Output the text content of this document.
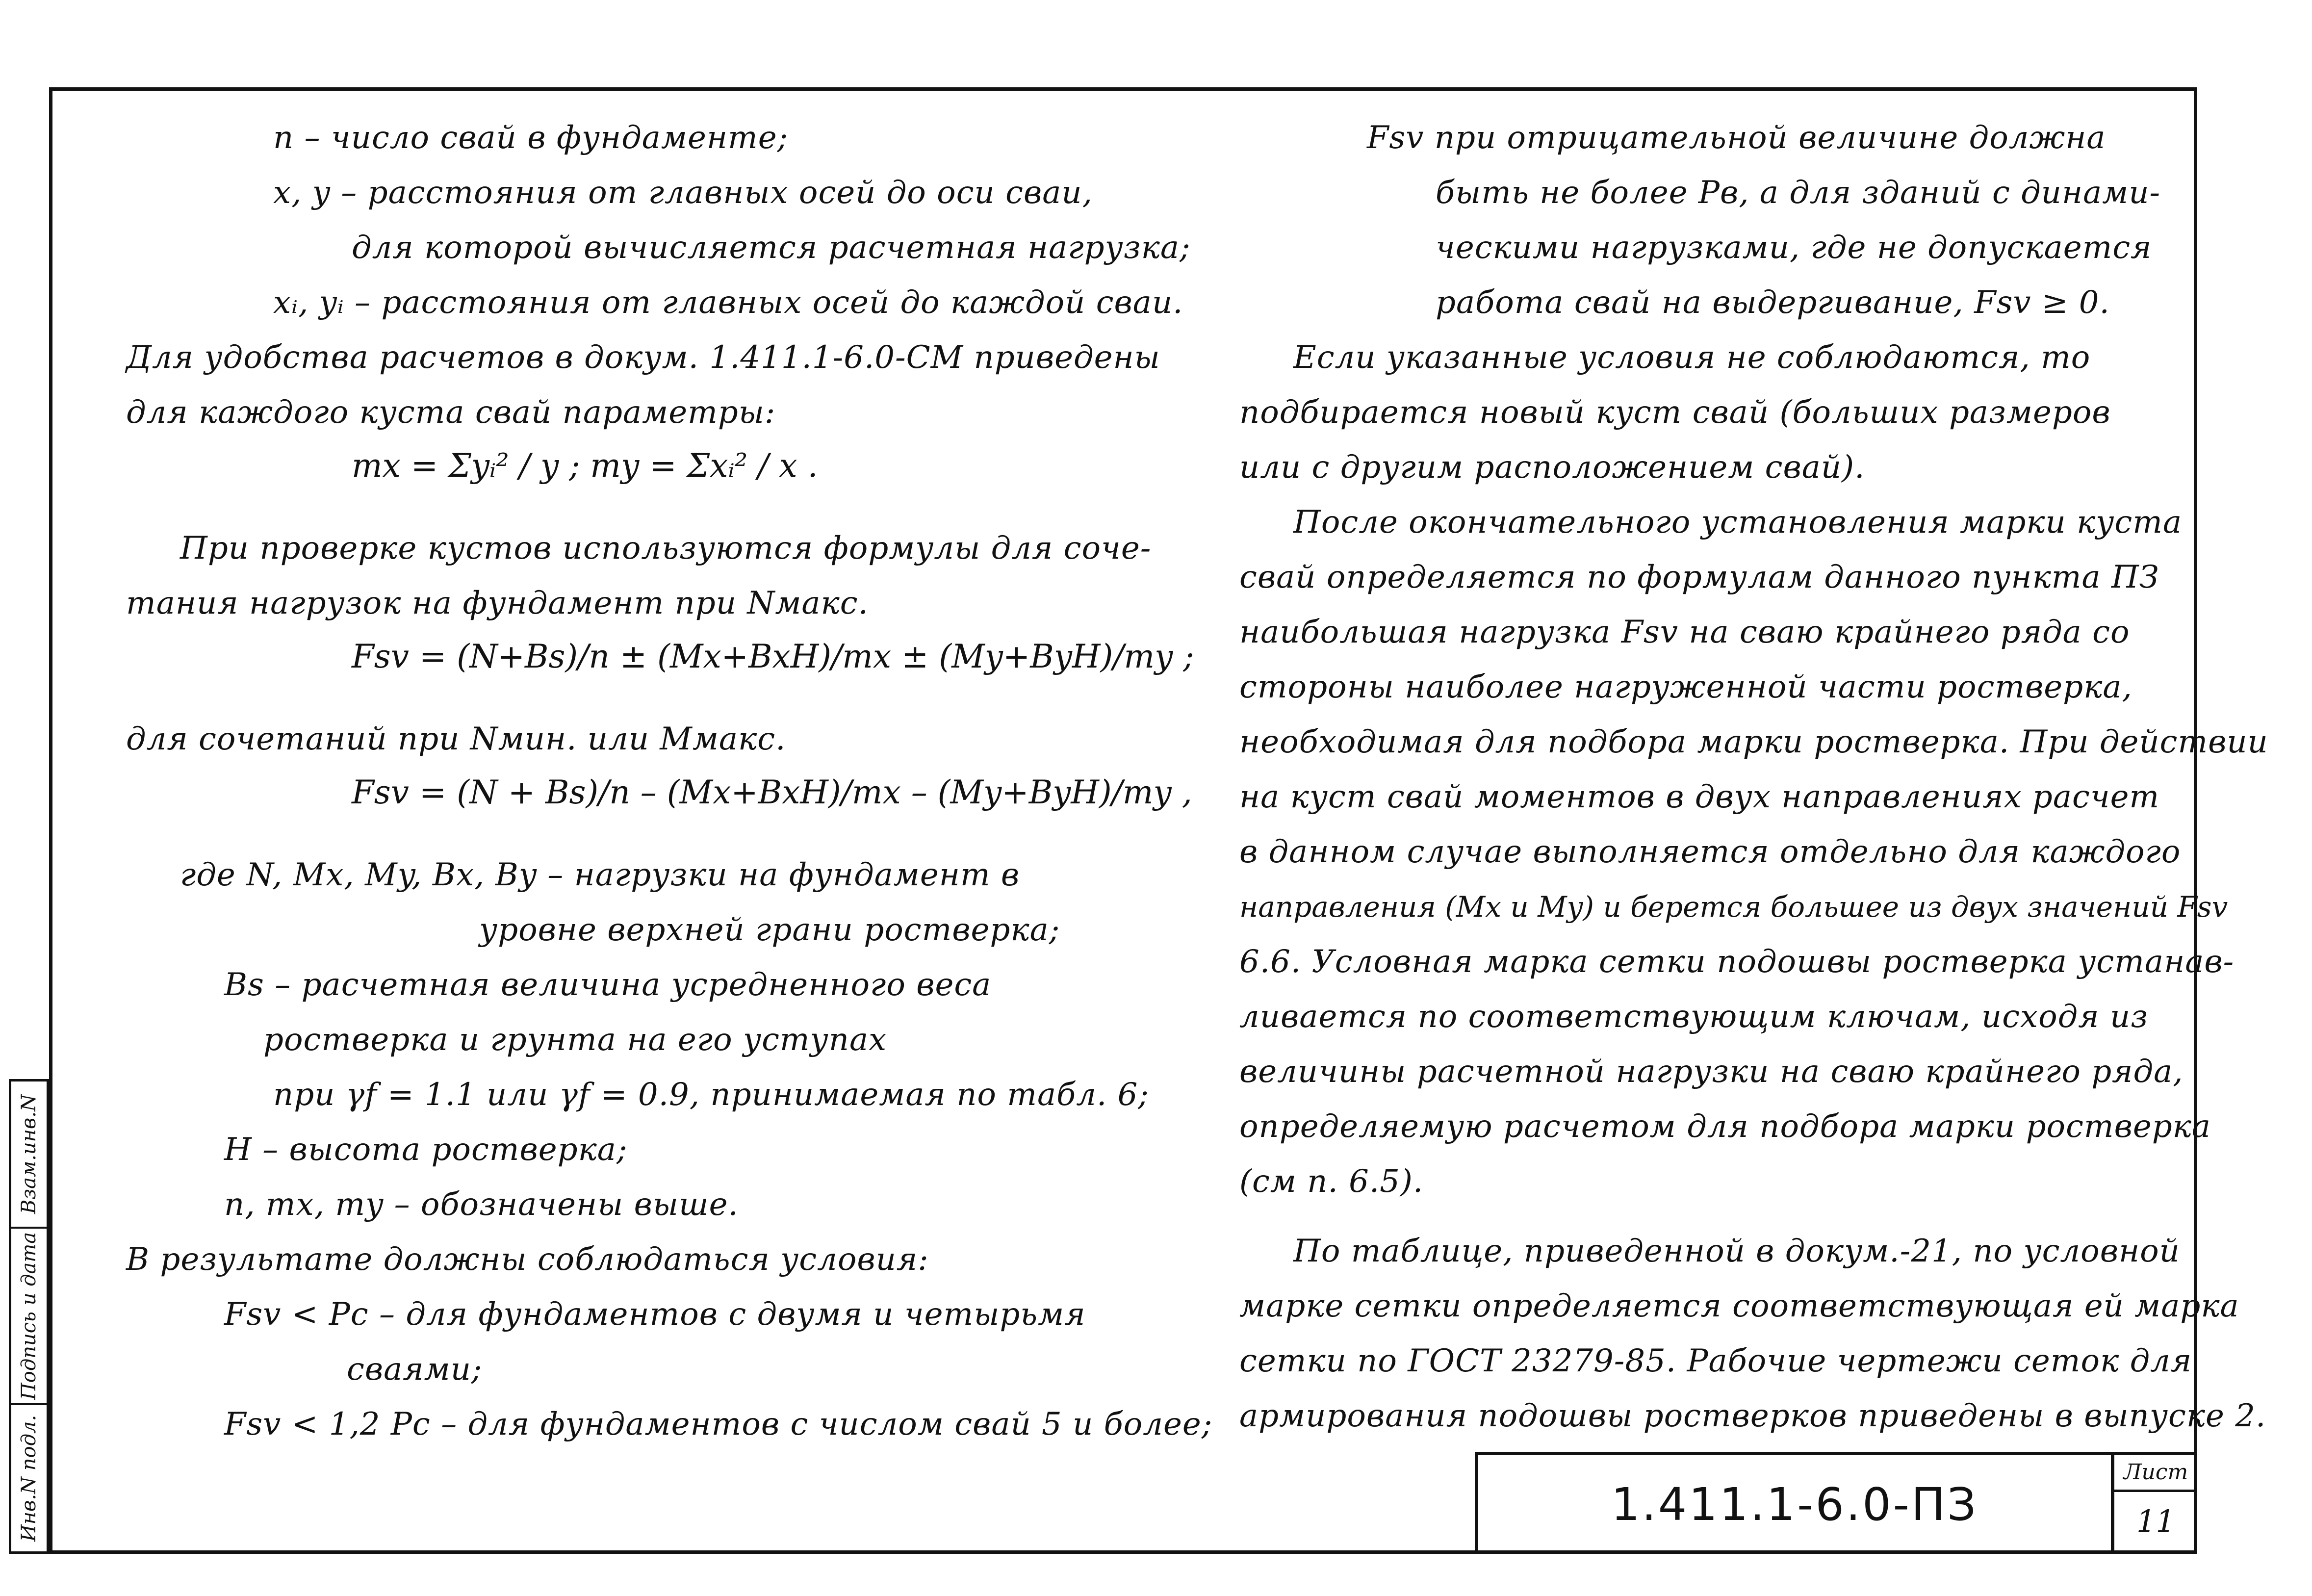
n – число свай в фундаменте;
x, y – расстояния от главных осей до оси сваи,
для которой вычисляется расчетная нагрузка;
xᵢ, yᵢ – расстояния от главных осей до каждой сваи.
Для удобства расчетов в докум. 1.411.1-6.0-СМ приведены
для каждого куста свай параметры:
mx = Σyᵢ² / y ; my = Σxᵢ² / x .
При проверке кустов используются формулы для соче-
тания нагрузок на фундамент при Nмакс.
Fsv = (N+Bs)/n ± (Mx+BxH)/mx ± (My+ByH)/my ;
для сочетаний при Nмин. или Mмакс.
Fsv = (N + Bs)/n – (Mx+BxH)/mx – (My+ByH)/my ,
где N, Mx, My, Bx, By – нагрузки на фундамент в
уровне верхней грани ростверка;
Bs – расчетная величина усредненного веса
ростверка и грунта на его уступах
при γf = 1.1 или γf = 0.9, принимаемая по табл. 6;
H – высота ростверка;
n, mx, my – обозначены выше.
В результате должны соблюдаться условия:
Fsv < Pc – для фундаментов с двумя и четырьмя
сваями;
Fsv < 1,2 Pc – для фундаментов с числом свай 5 и более;
Fsv при отрицательной величине должна
быть не более Pв, а для зданий с динами-
ческими нагрузками, где не допускается
работа свай на выдергивание, Fsv ≥ 0.
Если указанные условия не соблюдаются, то
подбирается новый куст свай (больших размеров
или с другим расположением свай).
После окончательного установления марки куста
свай определяется по формулам данного пункта ПЗ
наибольшая нагрузка Fsv на сваю крайнего ряда со
стороны наиболее нагруженной части ростверка,
необходимая для подбора марки ростверка. При действии
на куст свай моментов в двух направлениях расчет
в данном случае выполняется отдельно для каждого
направления (Mx и My) и берется большее из двух значений Fsv
6.6. Условная марка сетки подошвы ростверка устанав-
ливается по соответствующим ключам, исходя из
величины расчетной нагрузки на сваю крайнего ряда,
определяемую расчетом для подбора марки ростверка
(см п. 6.5).
По таблице, приведенной в докум.-21, по условной
марке сетки определяется соответствующая ей марка
сетки по ГОСТ 23279-85. Рабочие чертежи сеток для
армирования подошвы ростверков приведены в выпуске 2.
1.411.1-6.0-ПЗ
Лист
11
Взам.инв.N
Подпись и дата
Инв.N подл.
